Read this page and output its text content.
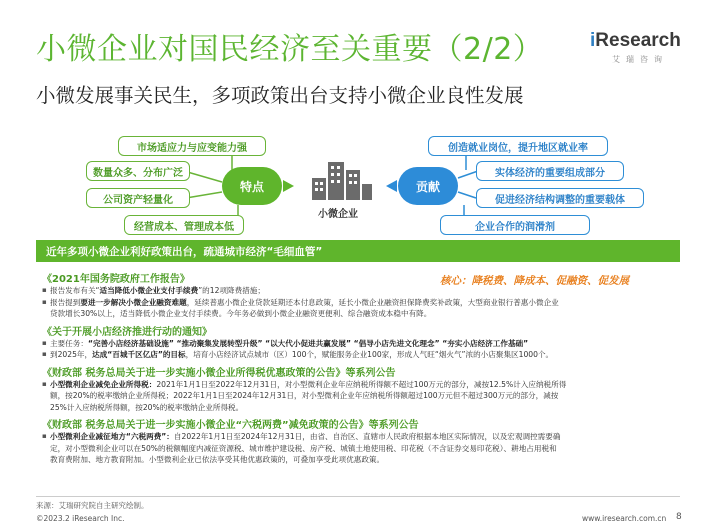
小微企业对国民经济至关重要（2/2）
小微发展事关民生，多项政策出台支持小微企业良性发展
iResearch
艾瑞咨询
市场适应力与应变能力强
数量众多、分布广泛
公司资产轻量化
经营成本、管理成本低
特点
小微企业
贡献
创造就业岗位，提升地区就业率
实体经济的重要组成部分
促进经济结构调整的重要载体
企业合作的润滑剂
近年多项小微企业利好政策出台，疏通城市经济“毛细血管”
核心：降税费、降成本、促融资、促发展
《2021年国务院政府工作报告》
▪ 报告发布有关“适当降低小微企业支付手续费”的12项降费措施；
▪ 报告提到要进一步解决小微企业融资难题，延续普惠小微企业贷款延期还本付息政策，延长小微企业融资担保降费奖补政策，大型商业银行普惠小微企业
贷款增长30%以上，适当降低小微企业支付手续费。今年务必做到小微企业融资更便利、综合融资成本稳中有降。
《关于开展小店经济推进行动的通知》
▪ 主要任务：“完善小店经济基础设施” “推动聚集发展转型升级” “以大代小促进共赢发展” “倡导小店先进文化理念” “夯实小店经济工作基础”
▪ 到2025年，达成“百城千区亿店”的目标，培育小店经济试点城市（区）100个，赋能服务企业100家，形成人气旺“烟火气”浓的小店聚集区1000个。
《财政部 税务总局关于进一步实施小微企业所得税优惠政策的公告》等系列公告
▪ 小型微利企业减免企业所得税：2021年1月1日至2022年12月31日，对小型微利企业年应纳税所得额不超过100万元的部分，减按12.5%计入应纳税所得
额，按20%的税率缴纳企业所得税；2022年1月1日至2024年12月31日，对小型微利企业年应纳税所得额超过100万元但不超过300万元的部分，减按
25%计入应纳税所得额，按20%的税率缴纳企业所得税。
《财政部 税务总局关于进一步实施小微企业“六税两费”减免政策的公告》等系列公告
▪ 小型微利企业减征地方“六税两费”：自2022年1月1日至2024年12月31日，由省、自治区、直辖市人民政府根据本地区实际情况，以及宏观调控需要确
定，对小型微利企业可以在50%的税额幅度内减征资源税、城市维护建设税、房产税、城镇土地使用税、印花税（不含证券交易印花税）、耕地占用税和
教育费附加、地方教育附加。小型微利企业已依法享受其他优惠政策的，可叠加享受此项优惠政策。
来源：艾瑞研究院自主研究绘制。
©2023.2 iResearch Inc.	www.iresearch.com.cn 8
